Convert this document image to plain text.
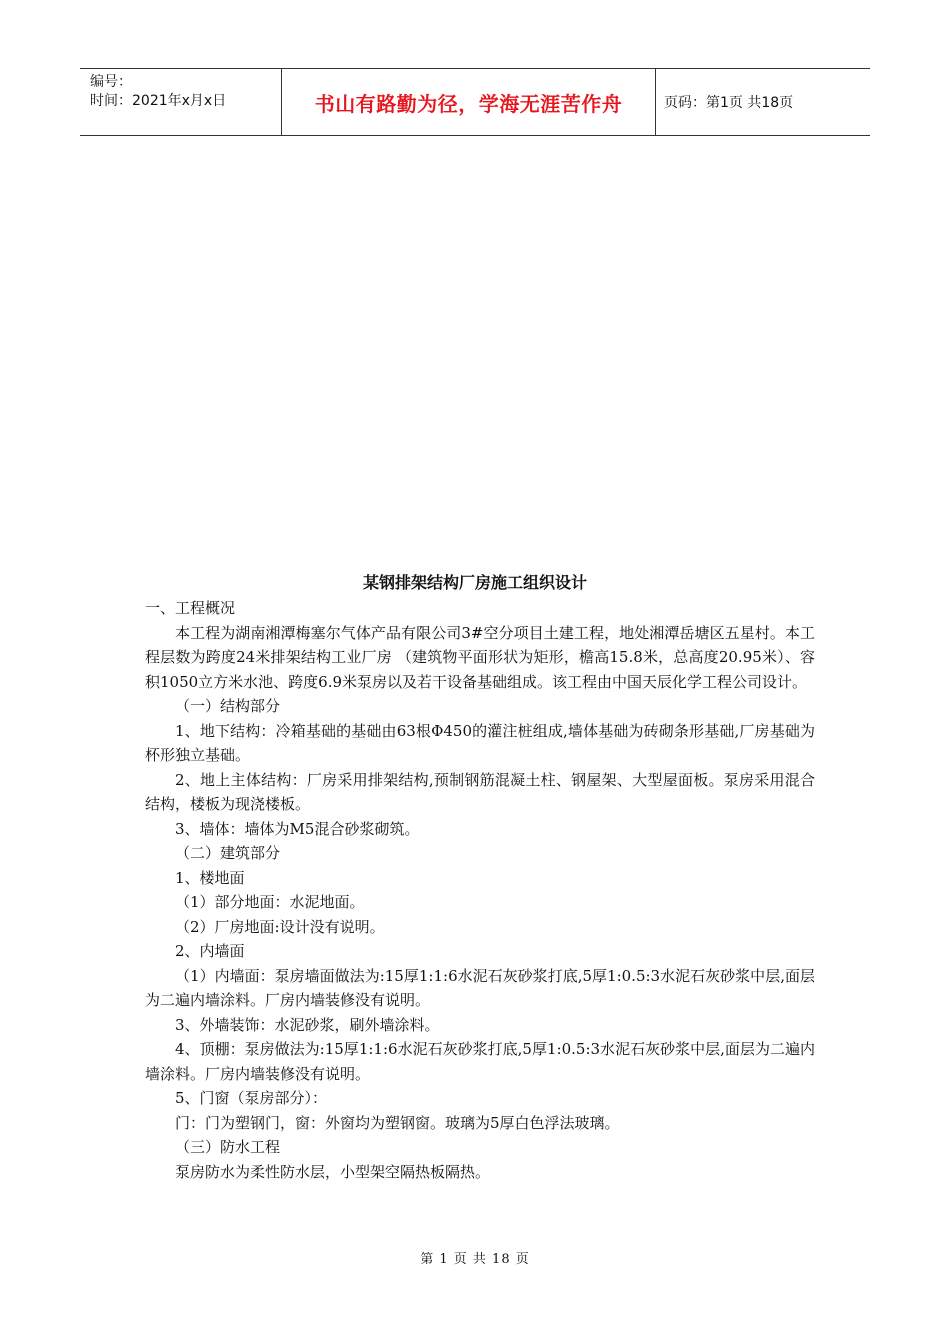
编号：
时间：2021年x月x日	书山有路勤为径，学海无涯苦作舟	页码：第1页 共18页
某钢排架结构厂房施工组织设计

一、工程概况

本工程为湖南湘潭梅塞尔气体产品有限公司3#空分项目土建工程，地处湘潭岳塘区五星村。本工程层数为跨度24米排架结构工业厂房 （建筑物平面形状为矩形，檐高15.8米，总高度20.95米）、容积1050立方米水池、跨度6.9米泵房以及若干设备基础组成。该工程由中国天辰化学工程公司设计。

（一）结构部分

1、地下结构：冷箱基础的基础由63根Φ450的灌注桩组成,墙体基础为砖砌条形基础,厂房基础为杯形独立基础。

2、地上主体结构：厂房采用排架结构,预制钢筋混凝土柱、钢屋架、大型屋面板。泵房采用混合结构，楼板为现浇楼板。

3、墙体：墙体为M5混合砂浆砌筑。

（二）建筑部分

1、楼地面

（1）部分地面：水泥地面。

（2）厂房地面:设计没有说明。

2、内墙面

（1）内墙面：泵房墙面做法为:15厚1:1:6水泥石灰砂浆打底,5厚1:0.5:3水泥石灰砂浆中层,面层为二遍内墙涂料。厂房内墙装修没有说明。

3、外墙装饰：水泥砂浆，刷外墙涂料。

4、顶棚：泵房做法为:15厚1:1:6水泥石灰砂浆打底,5厚1:0.5:3水泥石灰砂浆中层,面层为二遍内墙涂料。厂房内墙装修没有说明。

5、门窗（泵房部分）：

门：门为塑钢门，窗：外窗均为塑钢窗。玻璃为5厚白色浮法玻璃。

（三）防水工程

泵房防水为柔性防水层，小型架空隔热板隔热。

第 1 页 共 18 页
